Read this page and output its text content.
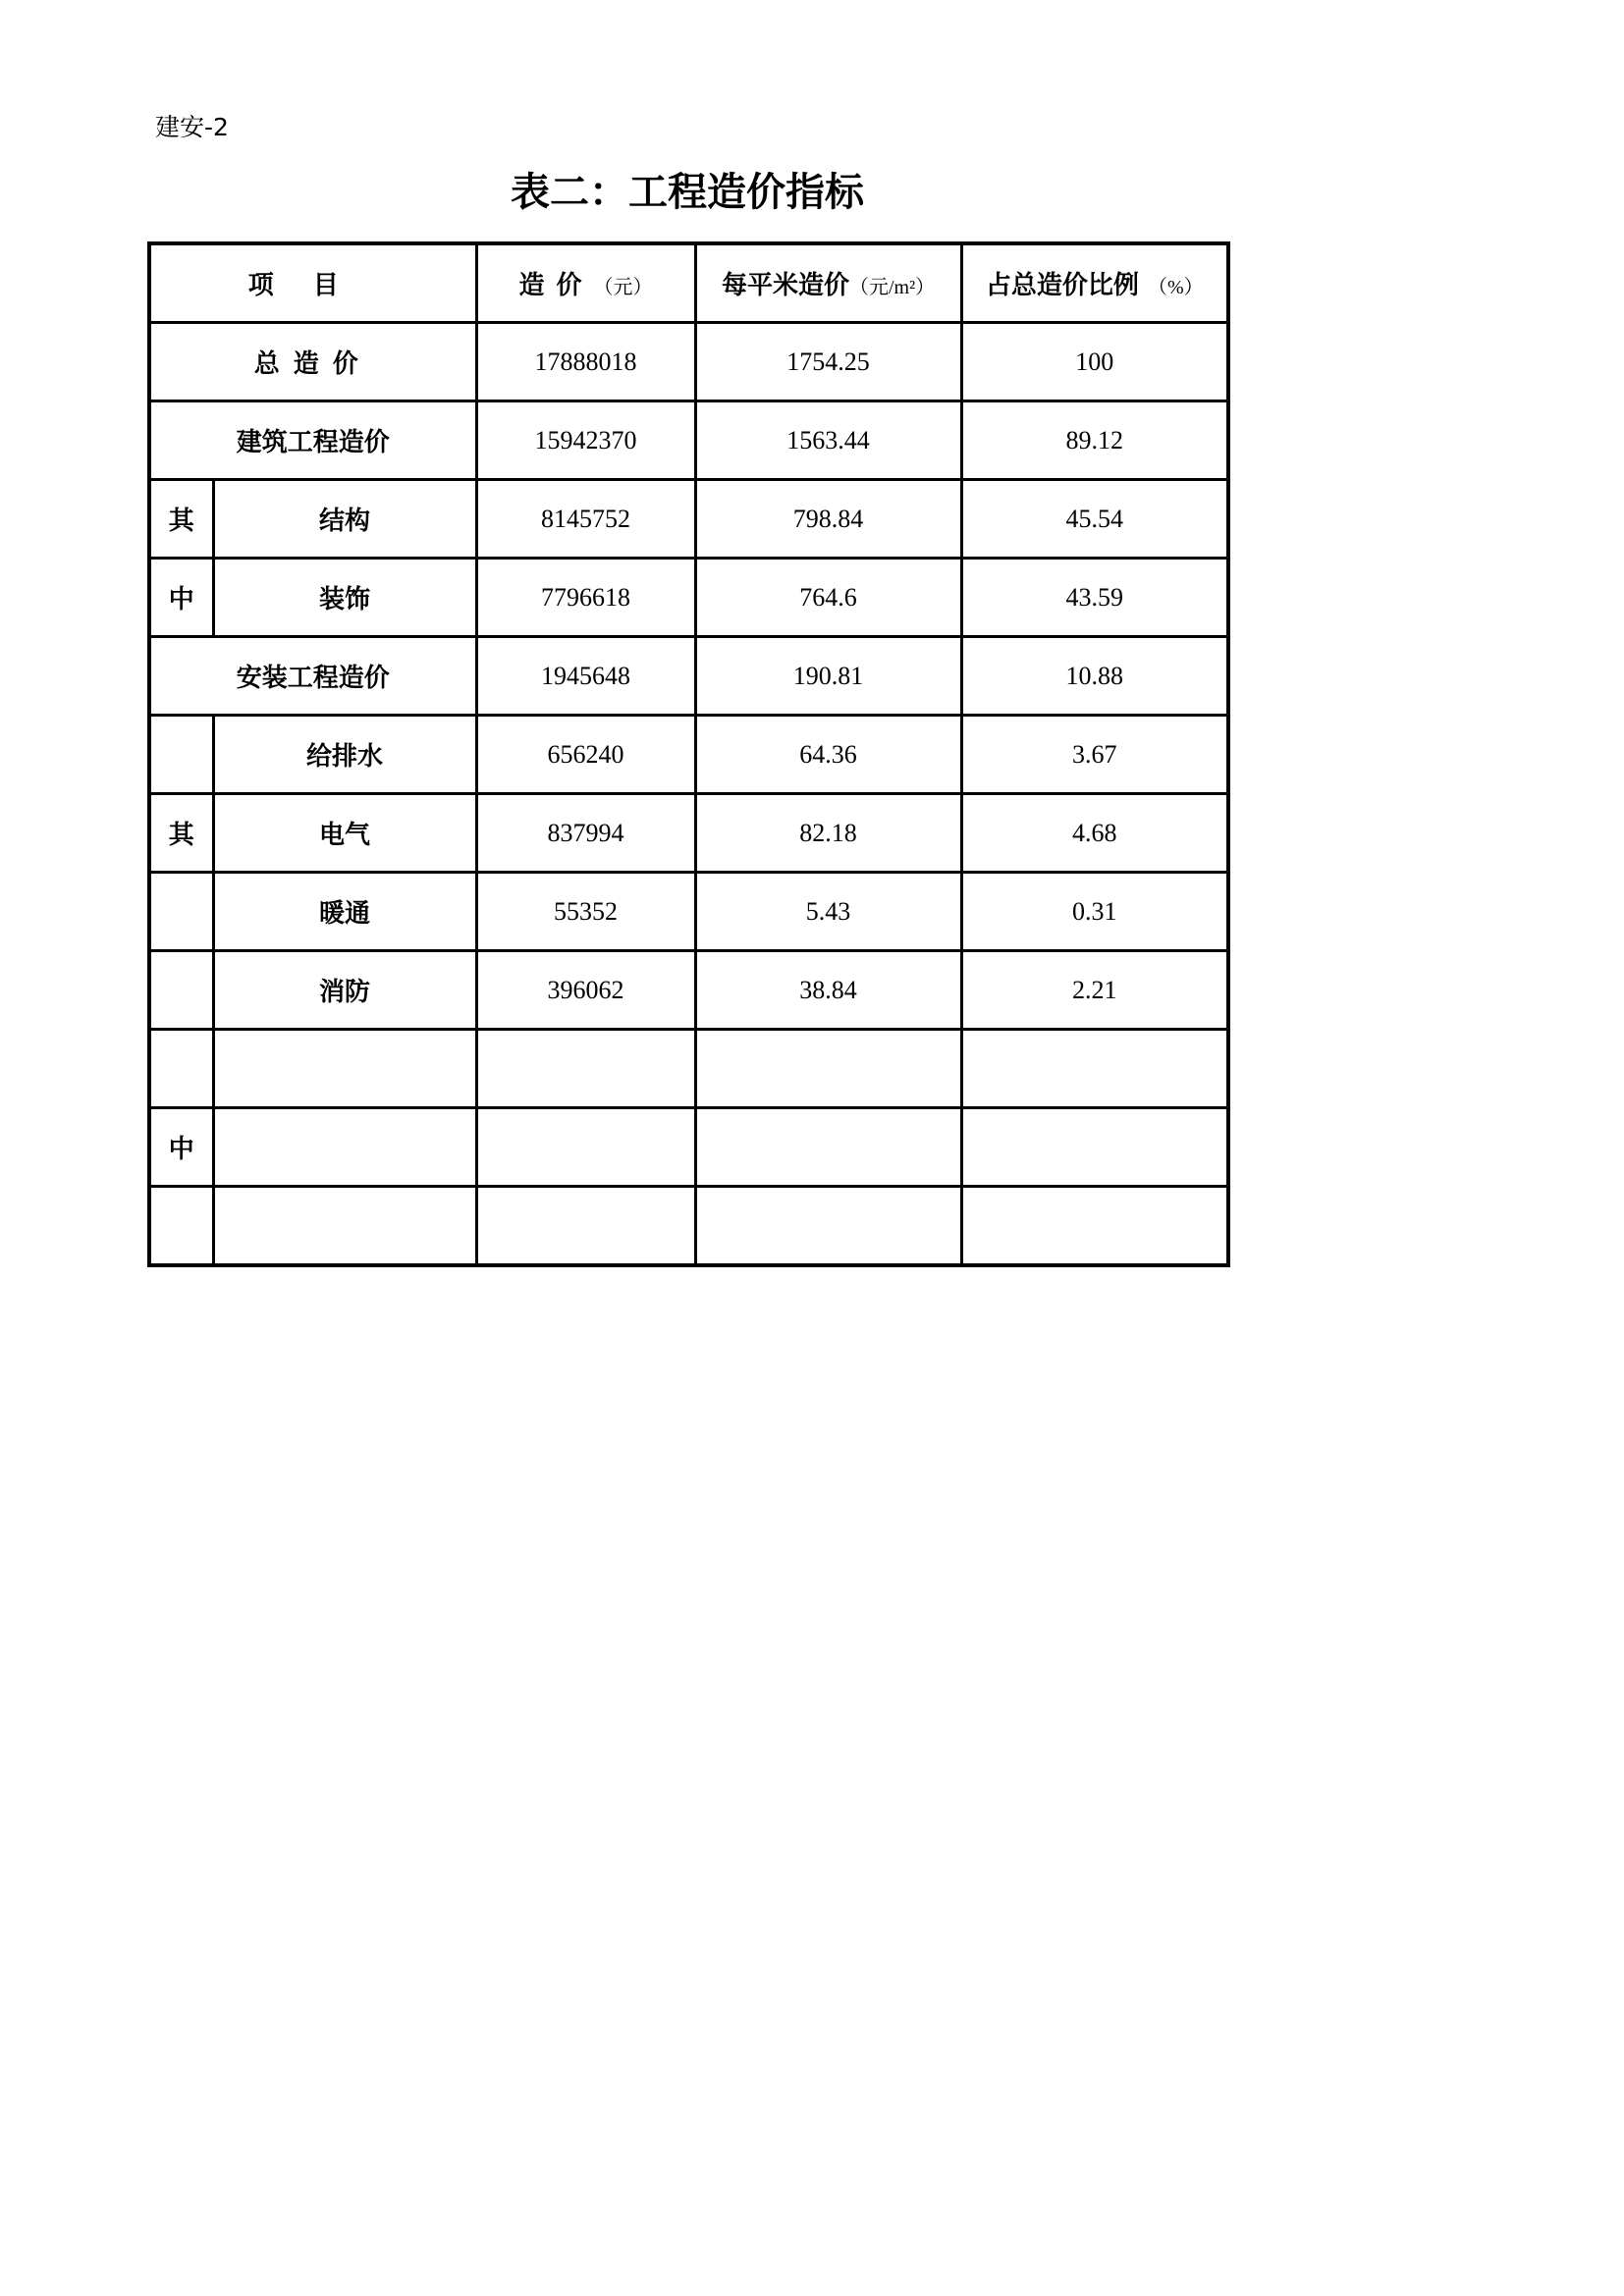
建安-2
表二：工程造价指标
项目		造价（元）	每平米造价（元/m²）	占总造价比例 （%）
总造价		17888018	1754.25	100
建筑工程造价		15942370	1563.44	89.12
其	结构	8145752	798.84	45.54
中	装饰	7796618	764.6	43.59
安装工程造价		1945648	190.81	10.88
	给排水	656240	64.36	3.67
其	电气	837994	82.18	4.68
	暖通	55352	5.43	0.31
	消防	396062	38.84	2.21

中				
